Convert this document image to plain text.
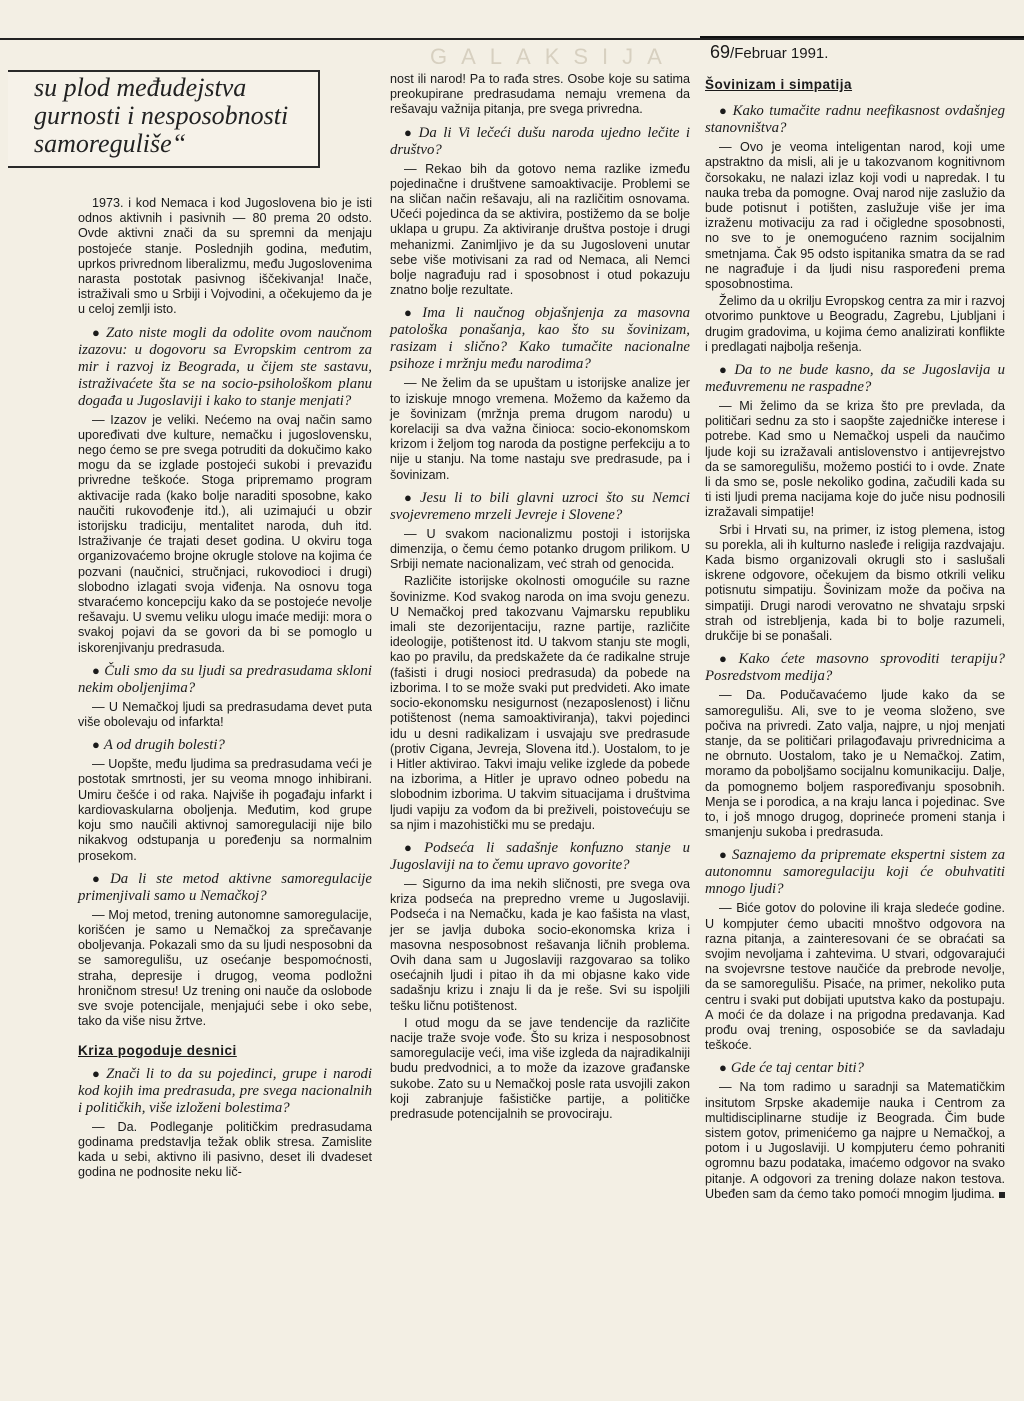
GALAKSIJA 69/Februar 1991.
su plod međudejstva
gurnosti i nesposobnosti
samoreguliše“

1973. i kod Nemaca i kod Jugoslovena bio je isti odnos aktivnih i pasivnih — 80 prema 20 odsto. Ovde aktivni znači da su spremni da menjaju postojeće stanje. Poslednjih godina, međutim, uprkos privrednom liberalizmu, među Jugoslovenima narasta postotak pasivnog iščekivanja! Inače, istraživali smo u Srbiji i Vojvodini, a očekujemo da je u celoj zemlji isto.

● Zato niste mogli da odolite ovom naučnom izazovu: u dogovoru sa Evropskim centrom za mir i razvoj iz Beograda, u čijem ste sastavu, istraživaćete šta se na socio-psihološkom planu događa u Jugoslaviji i kako to stanje menjati?

— Izazov je veliki. Nećemo na ovaj način samo upoređivati dve kulture, nemačku i jugoslovensku, nego ćemo se pre svega potruditi da dokučimo kako mogu da se izglade postojeći sukobi i prevaziđu privredne teškoće. Stoga pripremamo program aktivacije rada (kako bolje naraditi sposobne, kako naučiti rukovođenje itd.), ali uzimajući u obzir istorijsku tradiciju, mentalitet naroda, duh itd. Istraživanje će trajati deset godina. U okviru toga organizovaćemo brojne okrugle stolove na kojima će pozvani (naučnici, stručnjaci, rukovodioci i drugi) slobodno izlagati svoja viđenja. Na osnovu toga stvaraćemo koncepciju kako da se postojeće nevolje rešavaju. U svemu veliku ulogu imaće mediji: mora o svakoj pojavi da se govori da bi se pomoglo u iskorenjivanju predrasuda.

● Čuli smo da su ljudi sa predrasudama skloni nekim oboljenjima?

— U Nemačkoj ljudi sa predrasudama devet puta više obolevaju od infarkta!

● A od drugih bolesti?

— Uopšte, među ljudima sa predrasudama veći je postotak smrtnosti, jer su veoma mnogo inhibirani. Umiru češće i od raka. Najviše ih pogađaju infarkt i kardiovaskularna oboljenja. Međutim, kod grupe koju smo naučili aktivnoj samoregulaciji nije bilo nikakvog odstupanja u poređenju sa normalnim prosekom.

● Da li ste metod aktivne samoregulacije primenjivali samo u Nemačkoj?

— Moj metod, trening autonomne samoregulacije, korišćen je samo u Nemačkoj za sprečavanje oboljevanja. Pokazali smo da su ljudi nesposobni da se samoregulišu, uz osećanje bespomoćnosti, straha, depresije i drugog, veoma podložni hroničnom stresu! Uz trening oni nauče da oslobode sve svoje potencijale, menjajući sebe i oko sebe, tako da više nisu žrtve.

Kriza pogoduje desnici

● Znači li to da su pojedinci, grupe i narodi kod kojih ima predrasuda, pre svega nacionalnih i političkih, više izloženi bolestima?

— Da. Podleganje političkim predrasudama godinama predstavlja težak oblik stresa. Zamislite kada u sebi, aktivno ili pasivno, deset ili dvadeset godina ne podnosite neku lič-

nost ili narod! Pa to rađa stres. Osobe koje su satima preokupirane predrasudama nemaju vremena da rešavaju važnija pitanja, pre svega privredna.

● Da li Vi lečeći dušu naroda ujedno lečite i društvo?

— Rekao bih da gotovo nema razlike između pojedinačne i društvene samoaktivacije. Problemi se na sličan način rešavaju, ali na različitim osnovama. Učeći pojedinca da se aktivira, postižemo da se bolje uklapa u grupu. Za aktiviranje društva postoje i drugi mehanizmi. Zanimljivo je da su Jugosloveni unutar sebe više motivisani za rad od Nemaca, ali Nemci bolje nagrađuju rad i sposobnost i otud pokazuju znatno bolje rezultate.

● Ima li naučnog objašnjenja za masovna patološka ponašanja, kao što su šovinizam, rasizam i slično? Kako tumačite nacionalne psihoze i mržnju među narodima?

— Ne želim da se upuštam u istorijske analize jer to iziskuje mnogo vremena. Možemo da kažemo da je šovinizam (mržnja prema drugom narodu) u korelaciji sa dva važna činioca: socio-ekonomskom krizom i željom tog naroda da postigne perfekciju a to nije u stanju. Na tome nastaju sve predrasude, pa i šovinizam.

● Jesu li to bili glavni uzroci što su Nemci svojevremeno mrzeli Jevreje i Slovene?

— U svakom nacionalizmu postoji i istorijska dimenzija, o čemu ćemo potanko drugom prilikom. U Srbiji nemate nacionalizam, već strah od genocida.

Različite istorijske okolnosti omogućile su razne šovinizme. Kod svakog naroda on ima svoju genezu. U Nemačkoj pred takozvanu Vajmarsku republiku imali ste dezorijentaciju, razne partije, različite ideologije, potištenost itd. U takvom stanju ste mogli, kao po pravilu, da predskažete da će radikalne struje (fašisti i drugi nosioci predrasuda) da pobede na izborima. I to se može svaki put predvideti. Ako imate socio-ekonomsku nesigurnost (nezaposlenost) i ličnu potištenost (nema samoaktiviranja), takvi pojedinci idu u desni radikalizam i usvajaju sve predrasude (protiv Cigana, Jevreja, Slovena itd.). Uostalom, to je i Hitler aktivirao. Takvi imaju velike izglede da pobede na izborima, a Hitler je upravo odneo pobedu na slobodnim izborima. U takvim situacijama i društvima ljudi vapiju za vođom da bi preživeli, poistovećuju se sa njim i mazohistički mu se predaju.

● Podseća li sadašnje konfuzno stanje u Jugoslaviji na to čemu upravo govorite?

— Sigurno da ima nekih sličnosti, pre svega ova kriza podseća na prepredno vreme u Jugoslaviji. Podseća i na Nemačku, kada je kao fašista na vlast, jer se javlja duboka socio-ekonomska kriza i masovna nesposobnost rešavanja ličnih problema. Ovih dana sam u Jugoslaviji razgovarao sa toliko osećajnih ljudi i pitao ih da mi objasne kako vide sadašnju krizu i znaju li da je reše. Svi su ispoljili tešku ličnu potištenost.

I otud mogu da se jave tendencije da različite nacije traže svoje vođe. Što su kriza i nesposobnost samoregulacije veći, ima više izgleda da najradikalniji budu predvodnici, a to može da izazove građanske sukobe. Zato su u Nemačkoj posle rata usvojili zakon koji zabranjuje fašističke partije, a političke predrasude potencijalnih se provociraju.

Šovinizam i simpatija

● Kako tumačite radnu neefikasnost ovdašnjeg stanovništva?

— Ovo je veoma inteligentan narod, koji ume apstraktno da misli, ali je u takozvanom kognitivnom čorsokaku, ne nalazi izlaz koji vodi u napredak. I tu nauka treba da pomogne. Ovaj narod nije zaslužio da bude potisnut i potišten, zaslužuje više jer ima izraženu motivaciju za rad i očigledne sposobnosti, no sve to je onemogućeno raznim socijalnim smetnjama. Čak 95 odsto ispitanika smatra da se rad ne nagrađuje i da ljudi nisu raspoređeni prema sposobnostima.

Želimo da u okrilju Evropskog centra za mir i razvoj otvorimo punktove u Beogradu, Zagrebu, Ljubljani i drugim gradovima, u kojima ćemo analizirati konflikte i predlagati najbolja rešenja.

● Da to ne bude kasno, da se Jugoslavija u međuvremenu ne raspadne?

— Mi želimo da se kriza što pre prevlada, da političari sednu za sto i saopšte zajedničke interese i potrebe. Kad smo u Nemačkoj uspeli da naučimo ljude koji su izražavali antislovenstvo i antijevrejstvo da se samoregulišu, možemo postići to i ovde. Znate li da smo se, posle nekoliko godina, začudili kada su ti isti ljudi prema nacijama koje do juče nisu podnosili izražavali simpatije!

Srbi i Hrvati su, na primer, iz istog plemena, istog su porekla, ali ih kulturno nasleđe i religija razdvajaju. Kada bismo organizovali okrugli sto i saslušali iskrene odgovore, očekujem da bismo otkrili veliku potisnutu simpatiju. Šovinizam može da počiva na simpatiji. Drugi narodi verovatno ne shvataju srpski strah od istrebljenja, kada bi to bolje razumeli, drukčije bi se ponašali.

● Kako ćete masovno sprovoditi terapiju? Posredstvom medija?

— Da. Podučavaćemo ljude kako da se samoregulišu. Ali, sve to je veoma složeno, sve počiva na privredi. Zato valja, najpre, u njoj menjati stanje, da se političari prilagođavaju privrednicima a ne obrnuto. Uostalom, tako je u Nemačkoj. Zatim, moramo da poboljšamo socijalnu komunikaciju. Dalje, da pomognemo boljem raspoređivanju sposobnih. Menja se i porodica, a na kraju lanca i pojedinac. Sve to, i još mnogo drugog, doprineće promeni stanja i smanjenju sukoba i predrasuda.

● Saznajemo da pripremate ekspertni sistem za autonomnu samoregulaciju koji će obuhvatiti mnogo ljudi?

— Biće gotov do polovine ili kraja sledeće godine. U kompjuter ćemo ubaciti mnoštvo odgovora na razna pitanja, a zainteresovani će se obraćati sa svojim nevoljama i zahtevima. U stvari, odgovarajući na svojevrsne testove naučiće da prebrode nevolje, da se samoregulišu. Pisaće, na primer, nekoliko puta centru i svaki put dobijati uputstva kako da postupaju. A moći će da dolaze i na prigodna predavanja. Kad prođu ovaj trening, osposobiće se da savladaju teškoće.

● Gde će taj centar biti?

— Na tom radimo u saradnji sa Matematičkim insitutom Srpske akademije nauka i Centrom za multidisciplinarne studije iz Beograda. Čim bude sistem gotov, primenićemo ga najpre u Nemačkoj, a potom i u Jugoslaviji. U kompjuteru ćemo pohraniti ogromnu bazu podataka, imaćemo odgovor na svako pitanje. A odgovori za trening dolaze nakon testova. Ubeđen sam da ćemo tako pomoći mnogim ljudima.
